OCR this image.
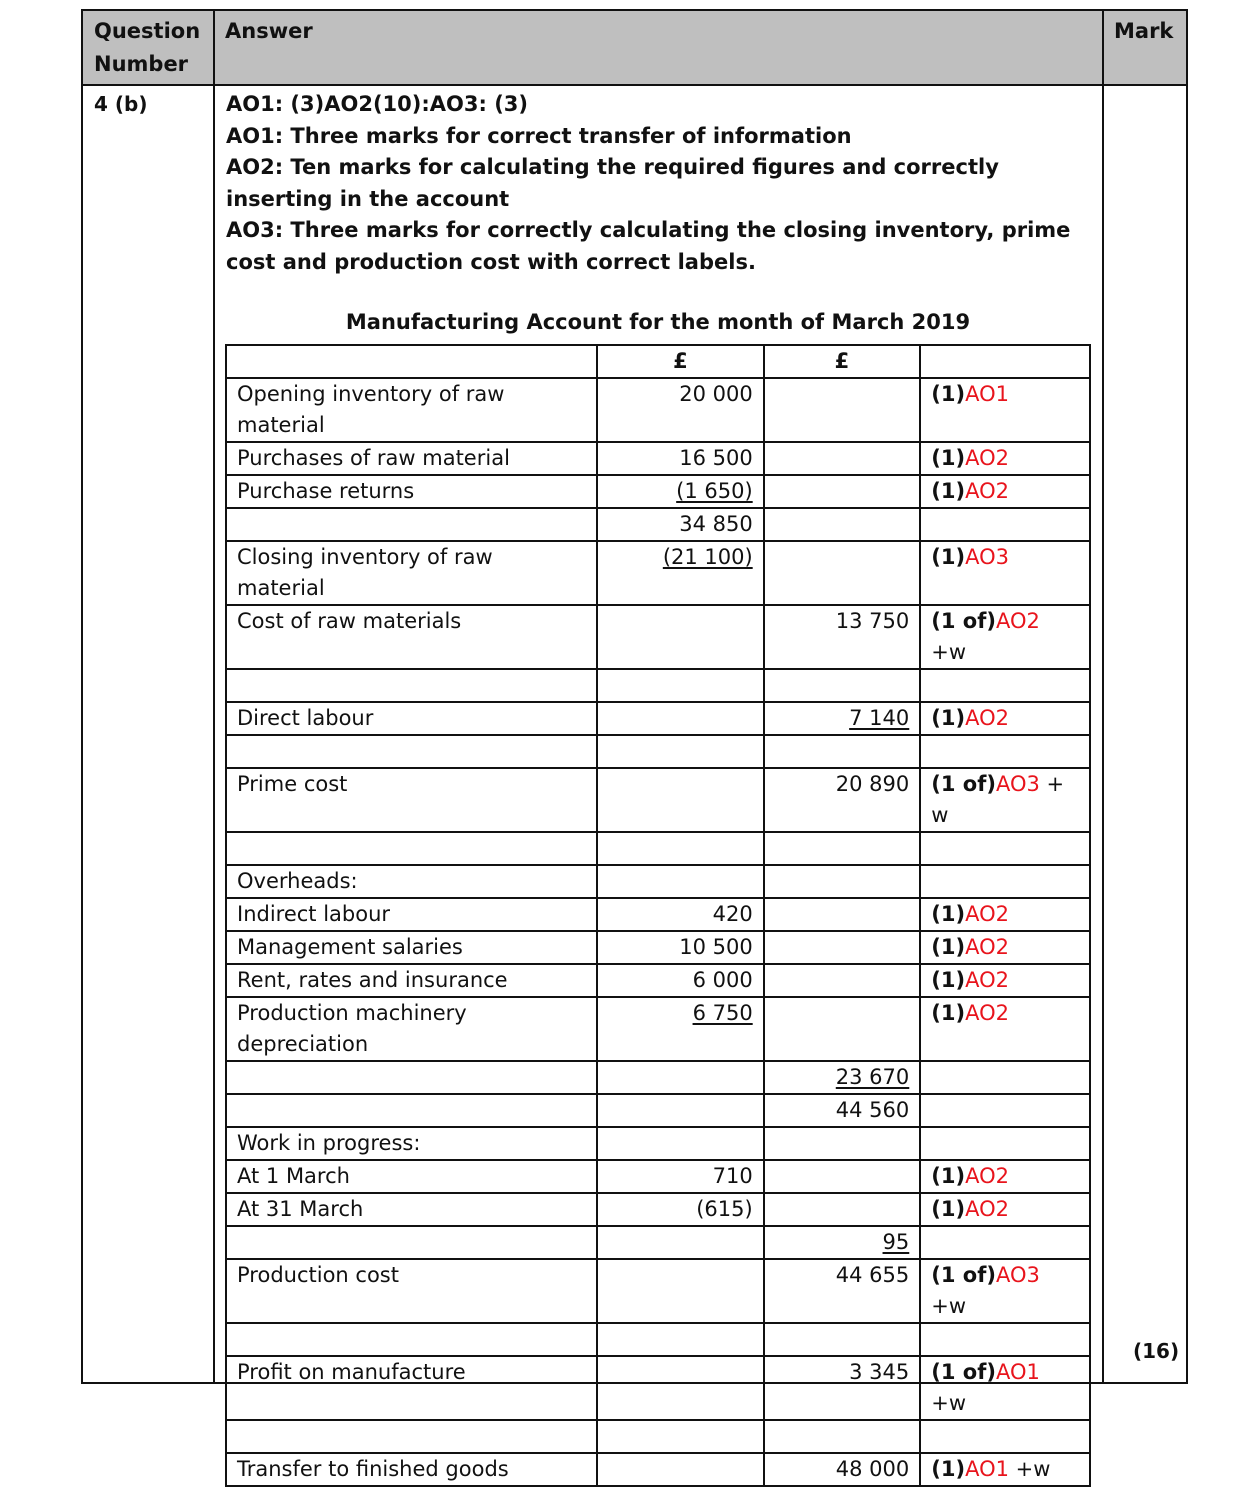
Question
Number
Answer	Mark
4 (b)	AO1: (3)AO2(10):AO3: (3)
AO1: Three marks for correct transfer of information
AO2: Ten marks for calculating the required figures and correctly
inserting in the account
AO3: Three marks for correctly calculating the closing inventory, prime
cost and production cost with correct labels.
(16)
Manufacturing Account for the month of March 2019
	£	£	
Opening inventory of raw material	20 000		(1)AO1
Purchases of raw material	16 500		(1)AO2
Purchase returns	(1 650)		(1)AO2
	34 850		
Closing inventory of raw material	(21 100)		(1)AO3
Cost of raw materials		13 750	(1 of)AO2 +w

Direct labour		7 140	(1)AO2

Prime cost		20 890	(1 of)AO3 + w

Overheads:			
Indirect labour	420		(1)AO2
Management salaries	10 500		(1)AO2
Rent, rates and insurance	6 000		(1)AO2
Production machinery depreciation	6 750		(1)AO2
		23 670	
		44 560	
Work in progress:			
At 1 March	710		(1)AO2
At 31 March	(615)		(1)AO2
		95	
Production cost		44 655	(1 of)AO3 +w

Profit on manufacture		3 345	(1 of)AO1 +w

Transfer to finished goods		48 000	(1)AO1 +w
